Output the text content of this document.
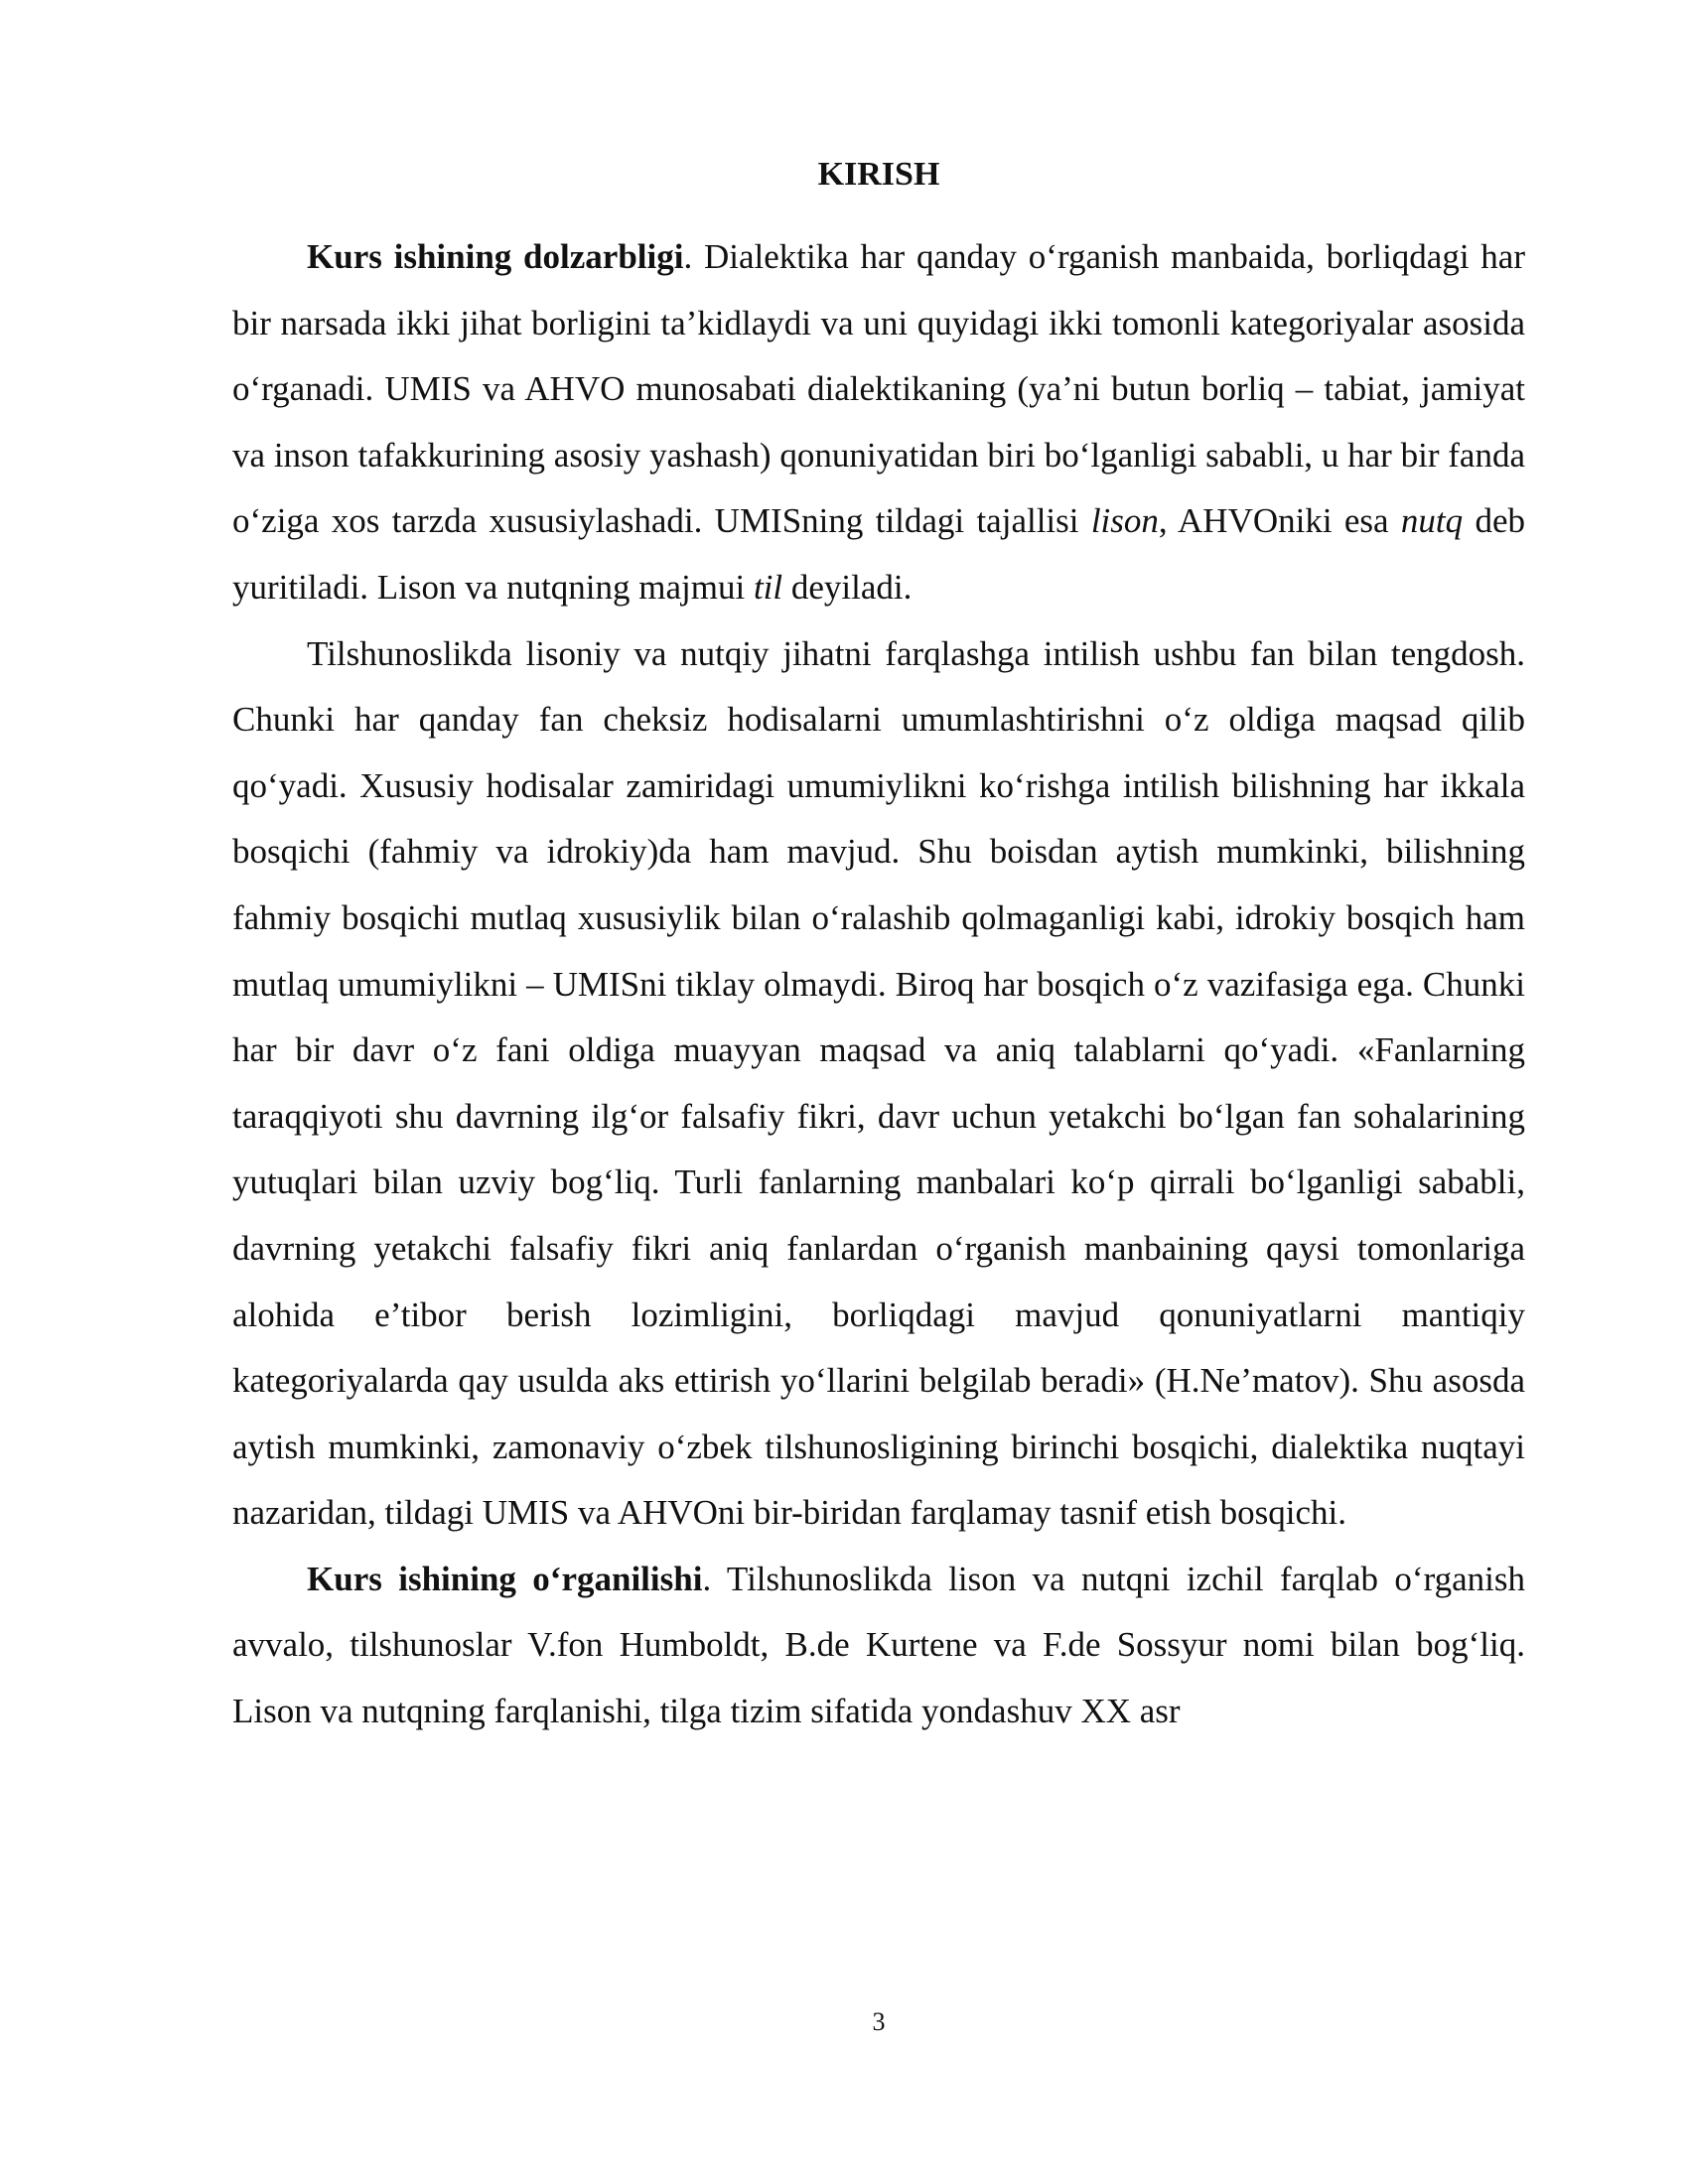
KIRISH

Kurs ishining dolzarbligi. Dialektika har qanday o‘rganish manbaida, borliqdagi har bir narsada ikki jihat borligini ta’kidlaydi va uni quyidagi ikki tomonli kategoriyalar asosida o‘rganadi. UMIS va AHVO munosabati dialektikaning (ya’ni butun borliq – tabiat, jamiyat va inson tafakkurining asosiy yashash) qonuniyatidan biri bo‘lganligi sababli, u har bir fanda o‘ziga xos tarzda xususiylashadi. UMISning tildagi tajallisi lison, AHVOniki esa nutq deb yuritiladi. Lison va nutqning majmui til deyiladi.

Tilshunoslikda lisoniy va nutqiy jihatni farqlashga intilish ushbu fan bilan tengdosh. Chunki har qanday fan cheksiz hodisalarni umumlashtirishni o‘z oldiga maqsad qilib qo‘yadi. Xususiy hodisalar zamiridagi umumiylikni ko‘rishga intilish bilishning har ikkala bosqichi (fahmiy va idrokiy)da ham mavjud. Shu boisdan aytish mumkinki, bilishning fahmiy bosqichi mutlaq xususiylik bilan o‘ralashib qolmaganligi kabi, idrokiy bosqich ham mutlaq umumiylikni – UMISni tiklay olmaydi. Biroq har bosqich o‘z vazifasiga ega. Chunki har bir davr o‘z fani oldiga muayyan maqsad va aniq talablarni qo‘yadi. «Fanlarning taraqqiyoti shu davrning ilg‘or falsafiy fikri, davr uchun yetakchi bo‘lgan fan sohalarining yutuqlari bilan uzviy bog‘liq. Turli fanlarning manbalari ko‘p qirrali bo‘lganligi sababli, davrning yetakchi falsafiy fikri aniq fanlardan o‘rganish manbaining qaysi tomonlariga alohida e’tibor berish lozimligini, borliqdagi mavjud qonuniyatlarni mantiqiy kategoriyalarda qay usulda aks ettirish yo‘llarini belgilab beradi» (H.Ne’matov). Shu asosda aytish mumkinki, zamonaviy o‘zbek tilshunosligining birinchi bosqichi, dialektika nuqtayi nazaridan, tildagi UMIS va AHVOni bir-biridan farqlamay tasnif etish bosqichi.

Kurs ishining o‘rganilishi. Tilshunoslikda lison va nutqni izchil farqlab o‘rganish avvalo, tilshunoslar V.fon Humboldt, B.de Kurtene va F.de Sossyur nomi bilan bog‘liq. Lison va nutqning farqlanishi, tilga tizim sifatida yondashuv XX asr

3
